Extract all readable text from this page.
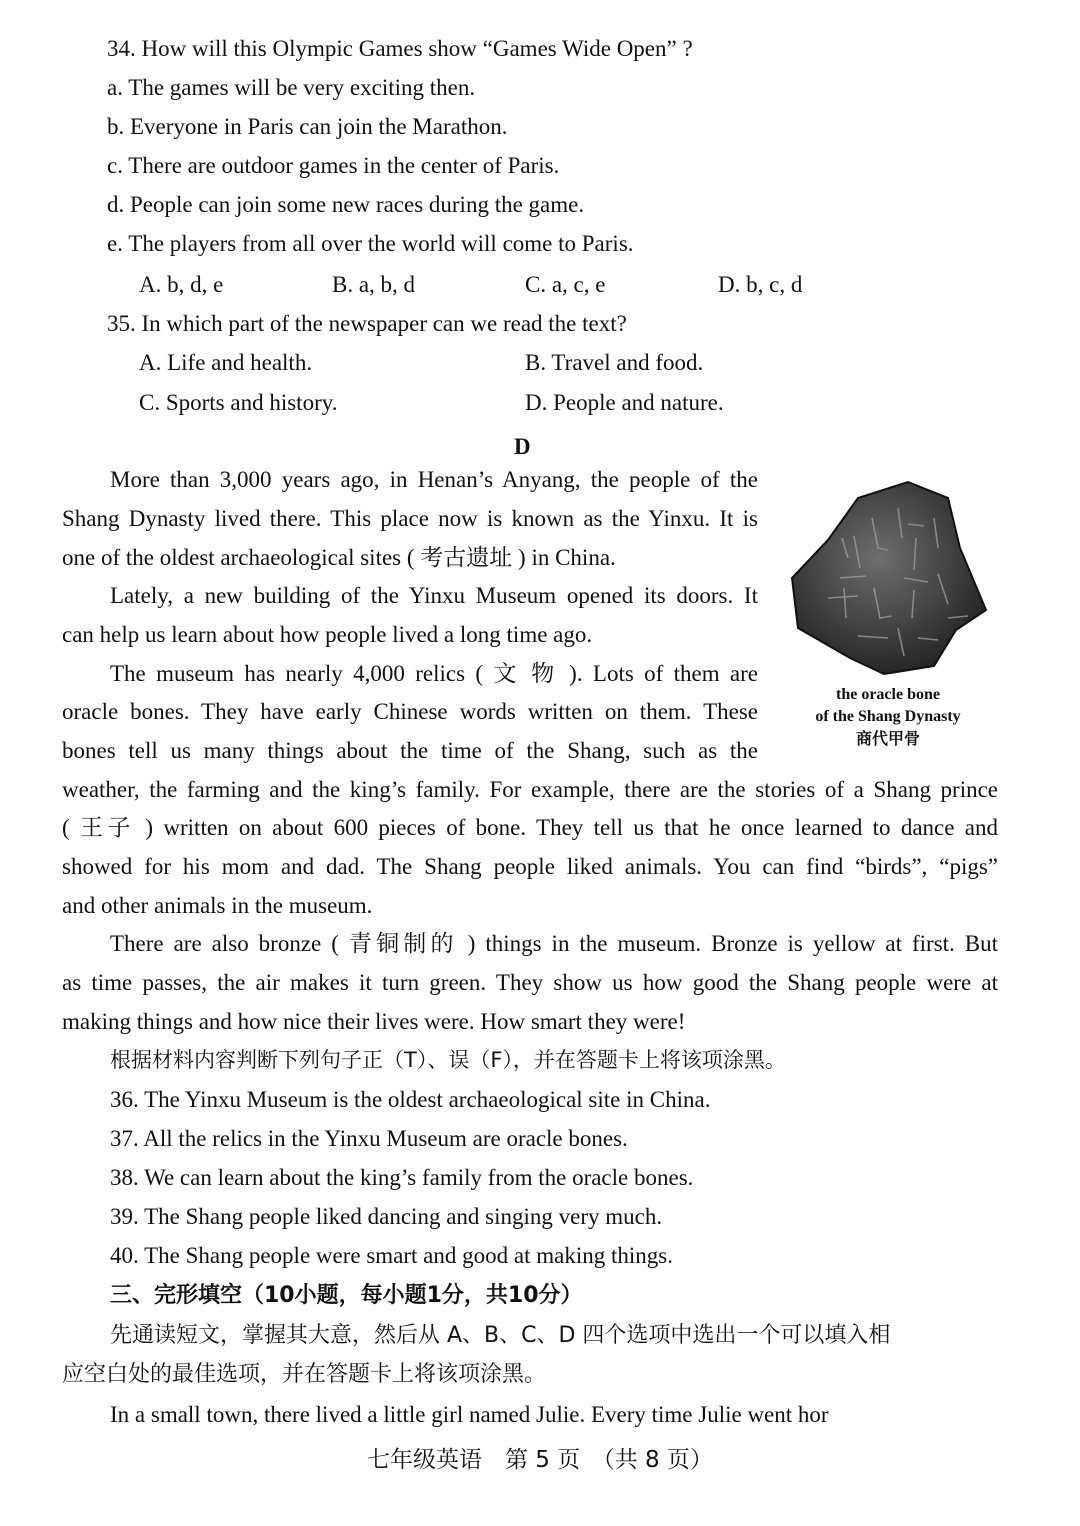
34. How will this Olympic Games show “Games Wide Open” ?
a. The games will be very exciting then.
b. Everyone in Paris can join the Marathon.
c. There are outdoor games in the center of Paris.
d. People can join some new races during the game.
e. The players from all over the world will come to Paris.
A. b, d, e	B. a, b, d	C. a, c, e	D. b, c, d
35. In which part of the newspaper can we read the text?
A. Life and health.	B. Travel and food.
C. Sports and history.	D. People and nature.
D
More than 3,000 years ago, in Henan’s Anyang, the people of the
Shang Dynasty lived there. This place now is known as the Yinxu. It is
one of the oldest archaeological sites ( 考古遗址 ) in China.
Lately, a new building of the Yinxu Museum opened its doors. It
can help us learn about how people lived a long time ago.
The museum has nearly 4,000 relics ( 文 物 ). Lots of them are
oracle bones. They have early Chinese words written on them. These
bones tell us many things about the time of the Shang, such as the
weather, the farming and the king’s family. For example, there are the stories of a Shang prince
( 王子 ) written on about 600 pieces of bone. They tell us that he once learned to dance and
showed for his mom and dad. The Shang people liked animals. You can find “birds”, “pigs”
and other animals in the museum.
There are also bronze ( 青铜制的 ) things in the museum. Bronze is yellow at first. But
as time passes, the air makes it turn green. They show us how good the Shang people were at
making things and how nice their lives were. How smart they were!
the oracle bone
of the Shang Dynasty
商代甲骨
根据材料内容判断下列句子正（T）、误（F），并在答题卡上将该项涂黑。
36. The Yinxu Museum is the oldest archaeological site in China.
37. All the relics in the Yinxu Museum are oracle bones.
38. We can learn about the king’s family from the oracle bones.
39. The Shang people liked dancing and singing very much.
40. The Shang people were smart and good at making things.
三、完形填空（10小题，每小题1分，共10分）
先通读短文，掌握其大意，然后从 A、B、C、D 四个选项中选出一个可以填入相
应空白处的最佳选项，并在答题卡上将该项涂黑。
In a small town, there lived a little girl named Julie. Every time Julie went hor
七年级英语　第 5 页　（共 8 页）
